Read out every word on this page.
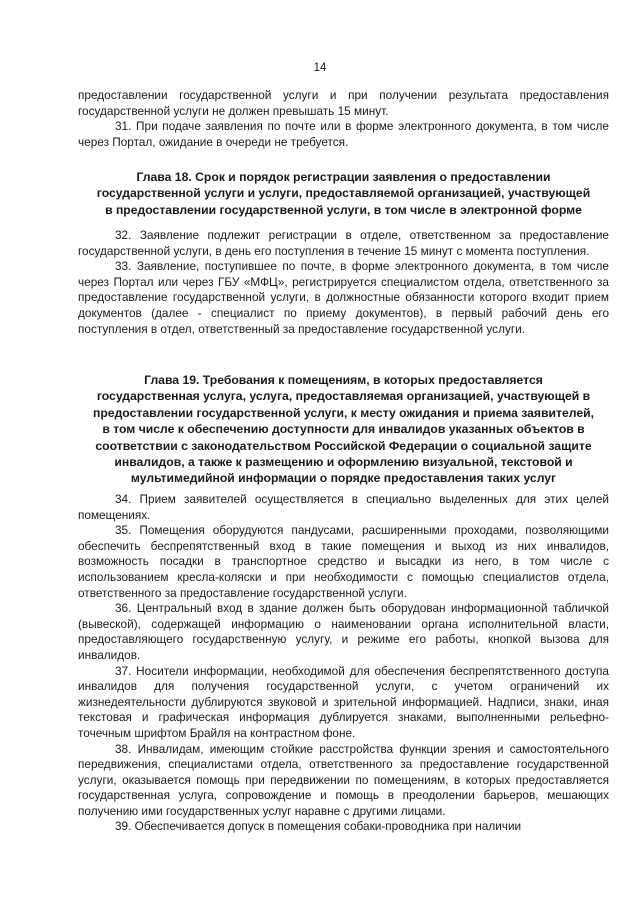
14

предоставлении государственной услуги и при получении результата предоставления государственной услуги не должен превышать 15 минут.

31. При подаче заявления по почте или в форме электронного документа, в том числе через Портал, ожидание в очереди не требуется.

Глава 18. Срок и порядок регистрации заявления о предоставлении
государственной услуги и услуги, предоставляемой организацией, участвующей
в предоставлении государственной услуги, в том числе в электронной форме

32. Заявление подлежит регистрации в отделе, ответственном за предоставление государственной услуги, в день его поступления в течение 15 минут с момента поступления.

33. Заявление, поступившее по почте, в форме электронного документа, в том числе через Портал или через ГБУ «МФЦ», регистрируется специалистом отдела, ответственного за предоставление государственной услуги, в должностные обязанности которого входит прием документов (далее - специалист по приему документов), в первый рабочий день его поступления в отдел, ответственный за предоставление государственной услуги.

Глава 19. Требования к помещениям, в которых предоставляется
государственная услуга, услуга, предоставляемая организацией, участвующей в
предоставлении государственной услуги, к месту ожидания и приема заявителей,
в том числе к обеспечению доступности для инвалидов указанных объектов в
соответствии с законодательством Российской Федерации о социальной защите
инвалидов, а также к размещению и оформлению визуальной, текстовой и
мультимедийной информации о порядке предоставления таких услуг

34. Прием заявителей осуществляется в специально выделенных для этих целей помещениях.

35. Помещения оборудуются пандусами, расширенными проходами, позволяющими обеспечить беспрепятственный вход в такие помещения и выход из них инвалидов, возможность посадки в транспортное средство и высадки из него, в том числе с использованием кресла-коляски и при необходимости с помощью специалистов отдела, ответственного за предоставление государственной услуги.

36. Центральный вход в здание должен быть оборудован информационной табличкой (вывеской), содержащей информацию о наименовании органа исполнительной власти, предоставляющего государственную услугу, и режиме его работы, кнопкой вызова для инвалидов.

37. Носители информации, необходимой для обеспечения беспрепятственного доступа инвалидов для получения государственной услуги, с учетом ограничений их жизнедеятельности дублируются звуковой и зрительной информацией. Надписи, знаки, иная текстовая и графическая информация дублируется знаками, выполненными рельефно-точечным шрифтом Брайля на контрастном фоне.

38. Инвалидам, имеющим стойкие расстройства функции зрения и самостоятельного передвижения, специалистами отдела, ответственного за предоставление государственной услуги, оказывается помощь при передвижении по помещениям, в которых предоставляется государственная услуга, сопровождение и помощь в преодолении барьеров, мешающих получению ими государственных услуг наравне с другими лицами.

39. Обеспечивается допуск в помещения собаки-проводника при наличии
